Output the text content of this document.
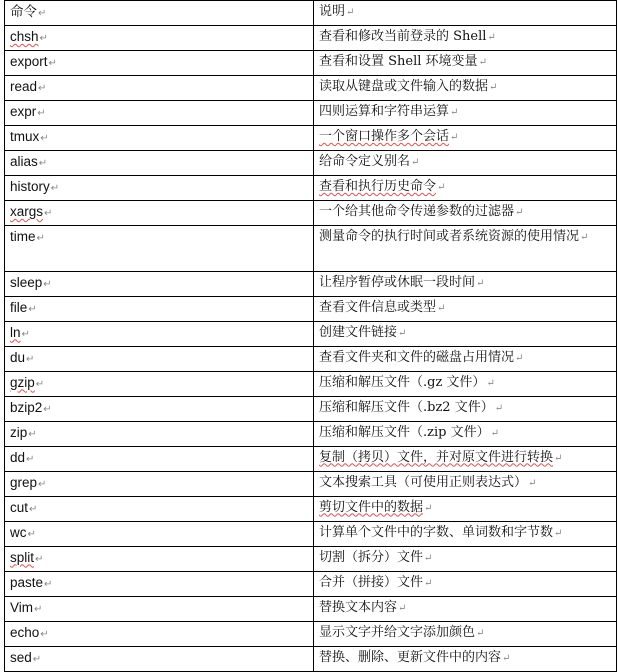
命令↵	说明↵
chsh↵	查看和修改当前登录的 Shell↵
export↵	查看和设置 Shell 环境变量↵
read↵	读取从键盘或文件输入的数据↵
expr↵	四则运算和字符串运算↵
tmux↵	一个窗口操作多个会话↵
alias↵	给命令定义别名↵
history↵	查看和执行历史命令↵
xargs↵	一个给其他命令传递参数的过滤器↵
time↵	测量命令的执行时间或者系统资源的使用情况↵
sleep↵	让程序暂停或休眠一段时间↵
file↵	查看文件信息或类型↵
ln↵	创建文件链接↵
du↵	查看文件夹和文件的磁盘占用情况↵
gzip↵	压缩和解压文件（.gz 文件）↵
bzip2↵	压缩和解压文件（.bz2 文件）↵
zip↵	压缩和解压文件（.zip 文件）↵
dd↵	复制（拷贝）文件，并对原文件进行转换↵
grep↵	文本搜索工具（可使用正则表达式）↵
cut↵	剪切文件中的数据↵
wc↵	计算单个文件中的字数、单词数和字节数↵
split↵	切割（拆分）文件↵
paste↵	合并（拼接）文件↵
Vim↵	替换文本内容↵
echo↵	显示文字并给文字添加颜色↵
sed↵	替换、删除、更新文件中的内容↵
